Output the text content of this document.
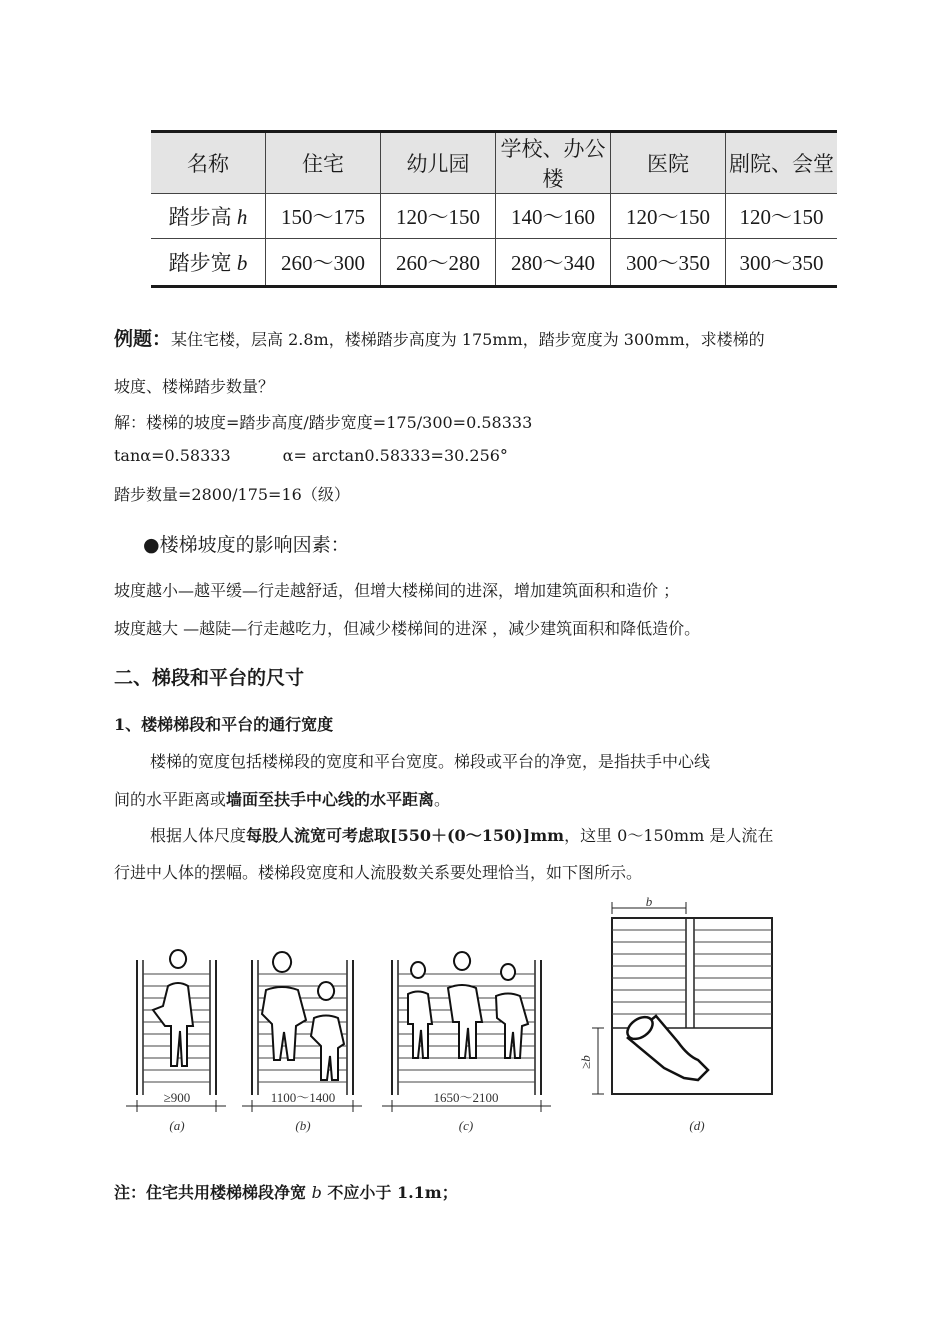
名称	住宅	幼儿园	学校、办公楼	医院	剧院、会堂
踏步高 h	150～175	120～150	140～160	120～150	120～150
踏步宽 b	260～300	260～280	280～340	300～350	300～350
例题：某住宅楼，层高 2.8m，楼梯踏步高度为 175mm，踏步宽度为 300mm，求楼梯的
坡度、楼梯踏步数量？
解：楼梯的坡度=踏步高度/踏步宽度=175/300=0.58333
tanα=0.58333	α= arctan0.58333=30.256°
踏步数量=2800/175=16（级）
●楼梯坡度的影响因素：
坡度越小—越平缓—行走越舒适，但增大楼梯间的进深，增加建筑面积和造价 ；
坡度越大 —越陡—行走越吃力，但减少楼梯间的进深 ，减少建筑面积和降低造价。
二、梯段和平台的尺寸
1、楼梯梯段和平台的通行宽度
楼梯的宽度包括楼梯段的宽度和平台宽度。梯段或平台的净宽，是指扶手中心线
间的水平距离或墙面至扶手中心线的水平距离。
根据人体尺度每股人流宽可考虑取[550＋(0～150)]mm，这里 0～150mm 是人流在
行进中人体的摆幅。楼梯段宽度和人流股数关系要处理恰当，如下图所示。
≥900
(a)
1100～1400
(b)
1650～2100
(c)
b
≥b
(d)
注：住宅共用楼梯梯段净宽 b 不应小于 1.1m；
